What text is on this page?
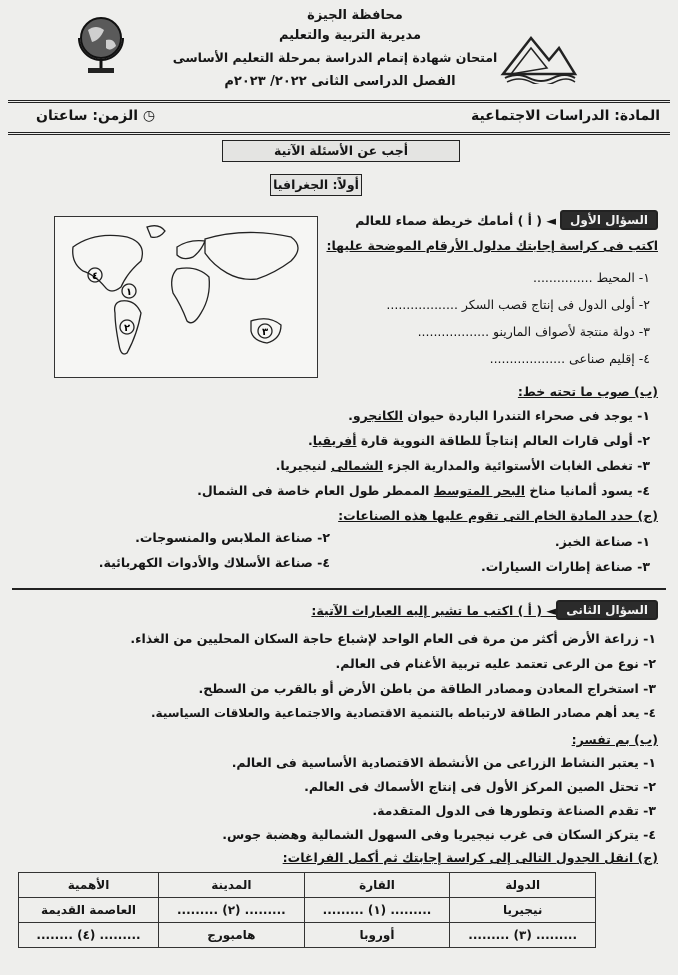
محافظة الجيزة
مديرية التربية والتعليم
امتحان شهادة إتمام الدراسة بمرحلة التعليم الأساسى
الفصل الدراسى الثانى ٢٠٢٢/ ٢٠٢٣م
المادة: الدراسات الاجتماعية
◷ الزمن: ساعتان
أجب عن الأسئلة الآتية
أولاً: الجغرافيا
السؤال الأول
◄ ( أ ) أمامك خريطة صماء للعالم
اكتب فى كراسة إجابتك مدلول الأرقام الموضحة عليها:
١- المحيط ...............
٢- أولى الدول فى إنتاج قصب السكر ..................
٣- دولة منتجة لأصواف المارينو ..................
٤- إقليم صناعى ...................
٤
١
٢	٣
(ب) صوب ما تحته خط:
١- يوجد فى صحراء التندرا الباردة حيوان الكانجرو.
٢- أولى قارات العالم إنتاجاً للطاقة النووية قارة أفريقيا.
٣- تغطى الغابات الأستوائية والمدارية الجزء الشمالى لنيجيريا.
٤- يسود ألمانيا مناخ البحر المتوسط الممطر طول العام خاصة فى الشمال.
(ج) حدد المادة الخام التى تقوم عليها هذه الصناعات:
١- صناعة الخبز.
٢- صناعة الملابس والمنسوجات.
٣- صناعة إطارات السيارات.
٤- صناعة الأسلاك والأدوات الكهربائية.
السؤال الثانى
◄ ( أ ) اكتب ما تشير إليه العبارات الآتية:
١- زراعة الأرض أكثر من مرة فى العام الواحد لإشباع حاجة السكان المحليين من الغذاء.
٢- نوع من الرعى تعتمد عليه تربية الأغنام فى العالم.
٣- استخراج المعادن ومصادر الطاقة من باطن الأرض أو بالقرب من السطح.
٤- يعد أهم مصادر الطاقة لارتباطه بالتنمية الاقتصادية والاجتماعية والعلاقات السياسية.
(ب) بم تفسر:
١- يعتبر النشاط الزراعى من الأنشطة الاقتصادية الأساسية فى العالم.
٢- تحتل الصين المركز الأول فى إنتاج الأسماك فى العالم.
٣- تقدم الصناعة وتطورها فى الدول المتقدمة.
٤- يتركز السكان فى غرب نيجيريا وفى السهول الشمالية وهضبة جوس.
(ج) انقل الجدول التالى إلى كراسة إجابتك ثم أكمل الفراغات:
الدولة	القارة	المدينة	الأهمية
نيجيريا	......... (١) .........	......... (٢) .........	العاصمة القديمة
......... (٣) .........	أوروبا	هامبورج	......... (٤) ........
